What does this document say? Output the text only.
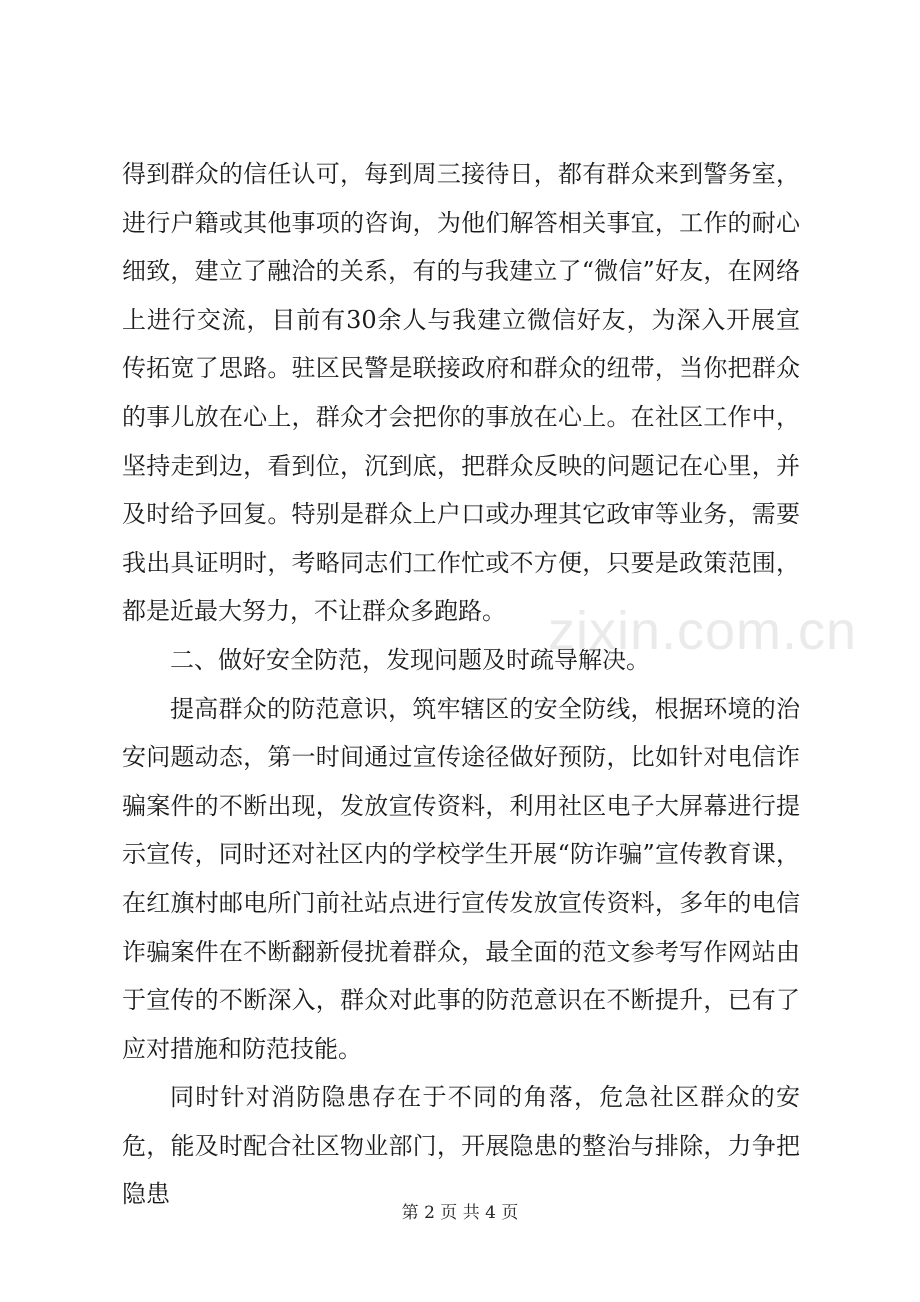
得到群众的信任认可，每到周三接待日，都有群众来到警务室，进行户籍或其他事项的咨询，为他们解答相关事宜，工作的耐心细致，建立了融洽的关系，有的与我建立了“微信”好友，在网络上进行交流，目前有30余人与我建立微信好友，为深入开展宣传拓宽了思路。驻区民警是联接政府和群众的纽带，当你把群众的事儿放在心上，群众才会把你的事放在心上。在社区工作中，坚持走到边，看到位，沉到底，把群众反映的问题记在心里，并及时给予回复。特别是群众上户口或办理其它政审等业务，需要我出具证明时，考略同志们工作忙或不方便，只要是政策范围，都是近最大努力，不让群众多跑路。

二、做好安全防范，发现问题及时疏导解决。

提高群众的防范意识，筑牢辖区的安全防线，根据环境的治安问题动态，第一时间通过宣传途径做好预防，比如针对电信诈骗案件的不断出现，发放宣传资料，利用社区电子大屏幕进行提示宣传，同时还对社区内的学校学生开展“防诈骗”宣传教育课，在红旗村邮电所门前社站点进行宣传发放宣传资料，多年的电信诈骗案件在不断翻新侵扰着群众，最全面的范文参考写作网站由于宣传的不断深入，群众对此事的防范意识在不断提升，已有了应对措施和防范技能。

同时针对消防隐患存在于不同的角落，危急社区群众的安危，能及时配合社区物业部门，开展隐患的整治与排除，力争把隐患

zixin.com.cn
第 2 页 共 4 页
